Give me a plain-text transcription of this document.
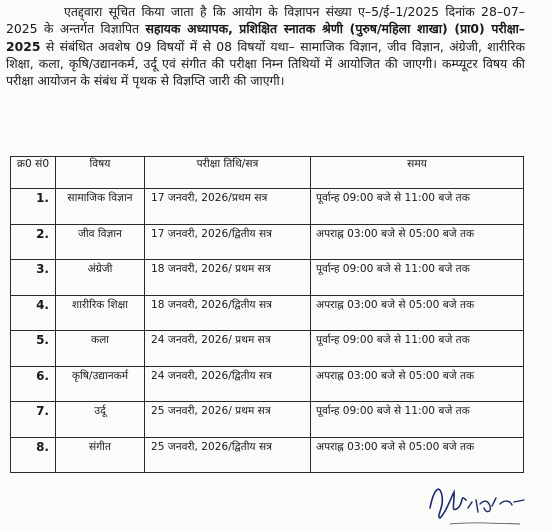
एतद्द्वारा सूचित किया जाता है कि आयोग के विज्ञापन संख्या ए–5/ई–1/2025 दिनांक 28–07–2025 के अन्तर्गत विज्ञापित सहायक अध्यापक, प्रशिक्षित स्नातक श्रेणी (पुरुष/महिला शाखा) (प्रा0) परीक्षा–2025 से संबंधित अवशेष 09 विषयों में से 08 विषयों यथा– सामाजिक विज्ञान, जीव विज्ञान, अंग्रेजी, शारीरिक शिक्षा, कला, कृषि/उद्यानकर्म, उर्दू एवं संगीत की परीक्षा निम्न तिथियों में आयोजित की जाएगी। कम्प्यूटर विषय की परीक्षा आयोजन के संबंध में पृथक से विज्ञप्ति जारी की जाएगी।
क्र0 सं0	विषय	परीक्षा तिथि/सत्र	समय
1.	सामाजिक विज्ञान	17 जनवरी, 2026/प्रथम सत्र	पूर्वान्ह 09:00 बजे से 11:00 बजे तक
2.	जीव विज्ञान	17 जनवरी, 2026/द्वितीय सत्र	अपराह्न 03:00 बजे से 05:00 बजे तक
3.	अंग्रेजी	18 जनवरी, 2026/ प्रथम सत्र	पूर्वान्ह 09:00 बजे से 11:00 बजे तक
4.	शारीरिक शिक्षा	18 जनवरी, 2026/द्वितीय सत्र	अपराह्न 03:00 बजे से 05:00 बजे तक
5.	कला	24 जनवरी, 2026/ प्रथम सत्र	पूर्वान्ह 09:00 बजे से 11:00 बजे तक
6.	कृषि/उद्यानकर्म	24 जनवरी, 2026/द्वितीय सत्र	अपराह्न 03:00 बजे से 05:00 बजे तक
7.	उर्दू	25 जनवरी, 2026/ प्रथम सत्र	पूर्वान्ह 09:00 बजे से 11:00 बजे तक
8.	संगीत	25 जनवरी, 2026/द्वितीय सत्र	अपराह्न 03:00 बजे से 05:00 बजे तक
